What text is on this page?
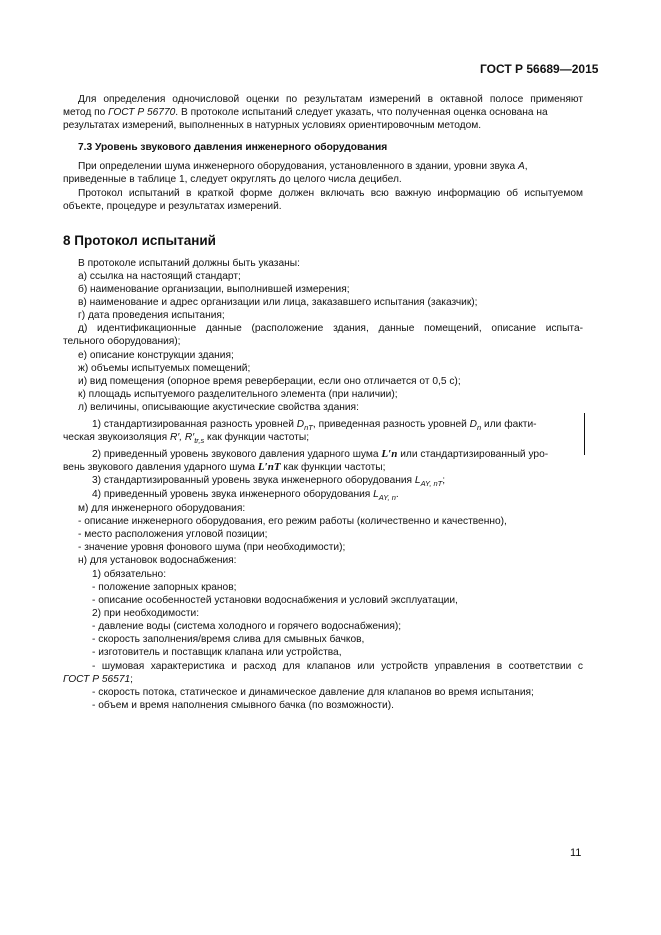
ГОСТ Р 56689—2015
Для определения одночисловой оценки по результатам измерений в октавной полосе применяют
метод по ГОСТ Р 56770. В протоколе испытаний следует указать, что полученная оценка основана на
результатах измерений, выполненных в натурных условиях ориентировочным методом.
7.3 Уровень звукового давления инженерного оборудования
При определении шума инженерного оборудования, установленного в здании, уровни звука A,
приведенные в таблице 1, следует округлять до целого числа децибел.
Протокол испытаний в краткой форме должен включать всю важную информацию об испытуемом
объекте, процедуре и результатах измерений.
8 Протокол испытаний
В протоколе испытаний должны быть указаны:
а) ссылка на настоящий стандарт;
б) наименование организации, выполнившей измерения;
в) наименование и адрес организации или лица, заказавшего испытания (заказчик);
г) дата проведения испытания;
д) идентификационные данные (расположение здания, данные помещений, описание испыта-
тельного оборудования);
е) описание конструкции здания;
ж) объемы испытуемых помещений;
и) вид помещения (опорное время реверберации, если оно отличается от 0,5 с);
к) площадь испытуемого разделительного элемента (при наличии);
л) величины, описывающие акустические свойства здания:
1) стандартизированная разность уровней $D_{nT}$, приведенная разность уровней $D_n$ или факти-
ческая звукоизоляция R′, $R'_{tr,s}$ как функции частоты;
2) приведенный уровень звукового давления ударного шума L′n или стандартизированный уро-
вень звукового давления ударного шума L′nT как функции частоты;
3) стандартизированный уровень звука инженерного оборудования $L_{AY, nT}$;
4) приведенный уровень звука инженерного оборудования $L_{AY, n}$.
м) для инженерного оборудования:
- описание инженерного оборудования, его режим работы (количественно и качественно),
- место расположения угловой позиции;
- значение уровня фонового шума (при необходимости);
н) для установок водоснабжения:
1) обязательно:
- положение запорных кранов;
- описание особенностей установки водоснабжения и условий эксплуатации,
2) при необходимости:
- давление воды (система холодного и горячего водоснабжения);
- скорость заполнения/время слива для смывных бачков,
- изготовитель и поставщик клапана или устройства,
- шумовая характеристика и расход для клапанов или устройств управления в соответствии с
ГОСТ Р 56571;
- скорость потока, статическое и динамическое давление для клапанов во время испытания;
- объем и время наполнения смывного бачка (по возможности).
11
